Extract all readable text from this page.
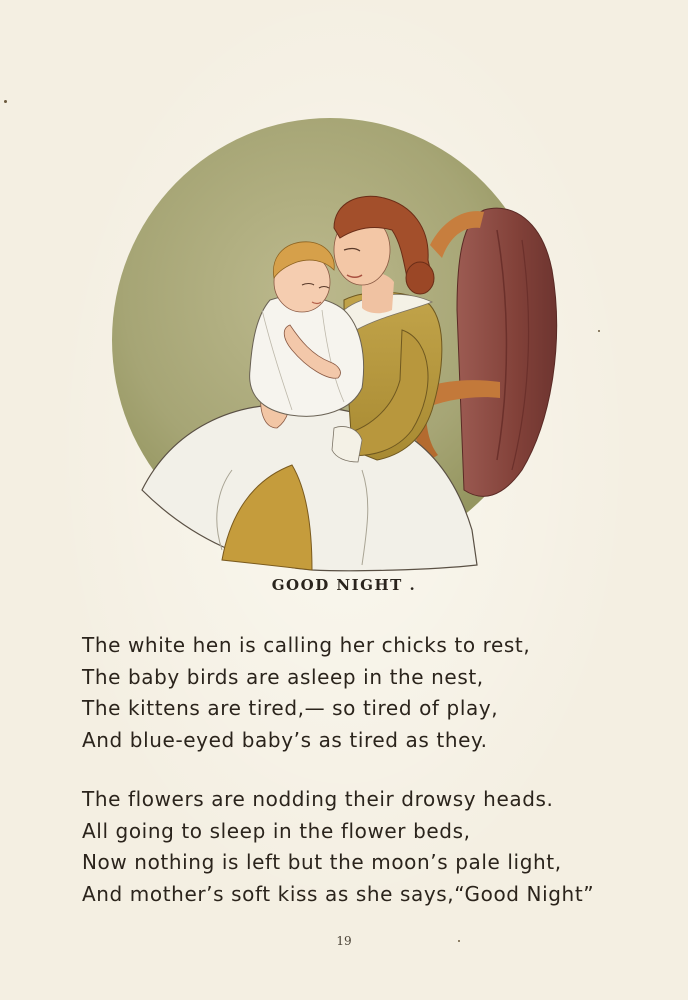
GOOD NIGHT .
The white hen is calling her chicks to rest,
The baby birds are asleep in the nest,
The kittens are tired,— so tired of play,
And blue-eyed baby’s as tired as they.
The flowers are nodding their drowsy heads.
All going to sleep in the flower beds,
Now nothing is left but the moon’s pale light,
And mother’s soft kiss as she says,“Good Night”
19
